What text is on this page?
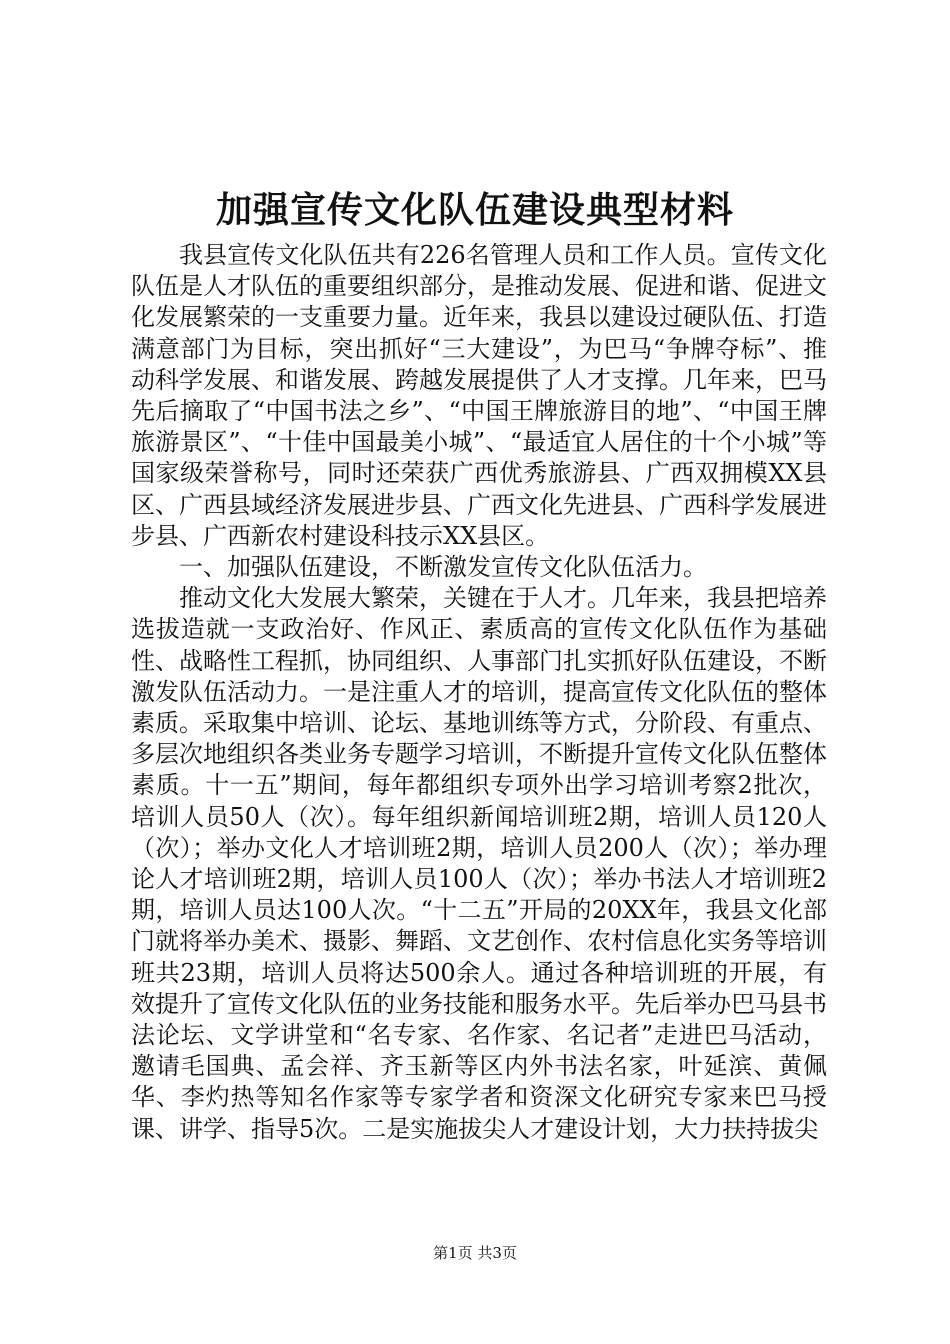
加强宣传文化队伍建设典型材料

我县宣传文化队伍共有226名管理人员和工作人员。宣传文化队伍是人才队伍的重要组织部分，是推动发展、促进和谐、促进文化发展繁荣的一支重要力量。近年来，我县以建设过硬队伍、打造满意部门为目标，突出抓好“三大建设”，为巴马“争牌夺标”、推动科学发展、和谐发展、跨越发展提供了人才支撑。几年来，巴马先后摘取了“中国书法之乡”、“中国王牌旅游目的地”、“中国王牌旅游景区”、“十佳中国最美小城”、“最适宜人居住的十个小城”等国家级荣誉称号，同时还荣获广西优秀旅游县、广西双拥模XX县区、广西县域经济发展进步县、广西文化先进县、广西科学发展进步县、广西新农村建设科技示XX县区。

一、加强队伍建设，不断激发宣传文化队伍活力。

推动文化大发展大繁荣，关键在于人才。几年来，我县把培养选拔造就一支政治好、作风正、素质高的宣传文化队伍作为基础性、战略性工程抓，协同组织、人事部门扎实抓好队伍建设，不断激发队伍活动力。一是注重人才的培训，提高宣传文化队伍的整体素质。采取集中培训、论坛、基地训练等方式，分阶段、有重点、多层次地组织各类业务专题学习培训，不断提升宣传文化队伍整体素质。十一五”期间，每年都组织专项外出学习培训考察2批次，培训人员50人（次）。每年组织新闻培训班2期，培训人员120人（次）；举办文化人才培训班2期，培训人员200人（次）；举办理论人才培训班2期，培训人员100人（次）；举办书法人才培训班2期，培训人员达100人次。“十二五”开局的20XX年，我县文化部门就将举办美术、摄影、舞蹈、文艺创作、农村信息化实务等培训班共23期，培训人员将达500余人。通过各种培训班的开展，有效提升了宣传文化队伍的业务技能和服务水平。先后举办巴马县书法论坛、文学讲堂和“名专家、名作家、名记者”走进巴马活动，邀请毛国典、孟会祥、齐玉新等区内外书法名家，叶延滨、黄佩华、李灼热等知名作家等专家学者和资深文化研究专家来巴马授课、讲学、指导5次。二是实施拔尖人才建设计划，大力扶持拔尖

第1页 共3页
